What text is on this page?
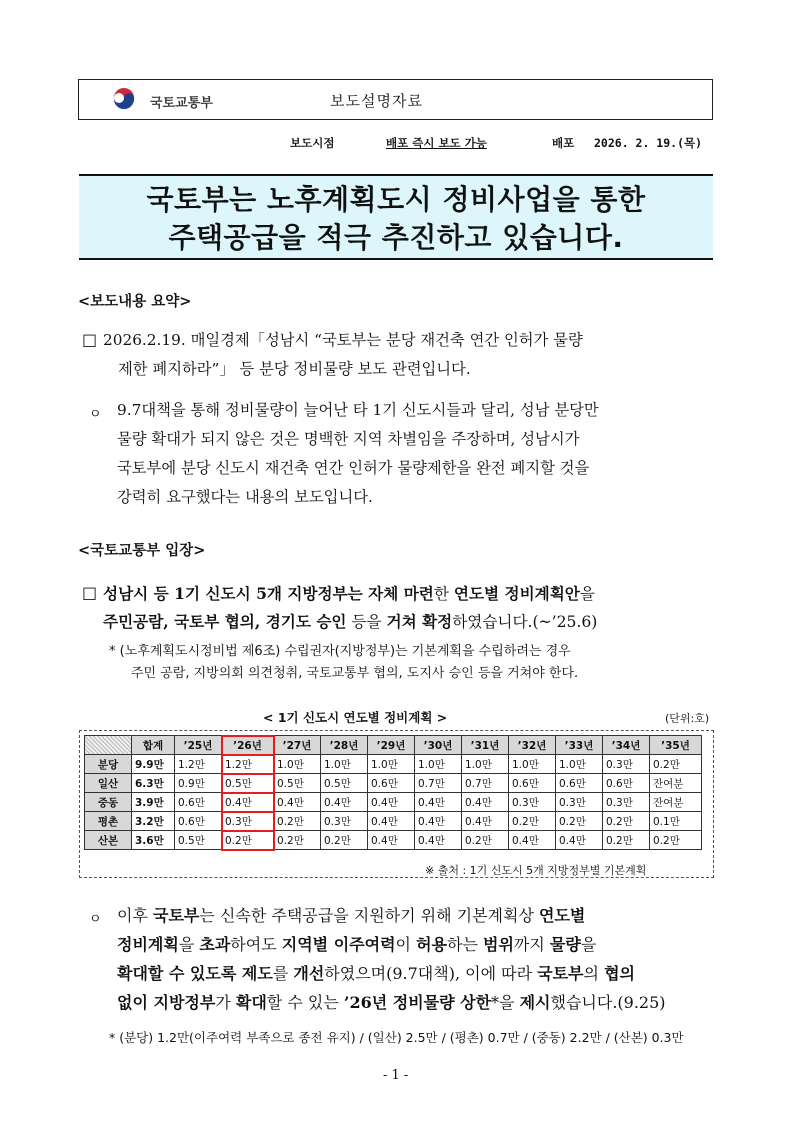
국토교통부	보도설명자료
보도시점	배포 즉시 보도 가능	배포 2026. 2. 19.(목)
국토부는 노후계획도시 정비사업을 통한
주택공급을 적극 추진하고 있습니다.
<보도내용 요약>
□ 2026.2.19. 매일경제「성남시 “국토부는 분당 재건축 연간 인허가 물량
제한 폐지하라”」 등 분당 정비물량 보도 관련입니다.
ㅇ 9.7대책을 통해 정비물량이 늘어난 타 1기 신도시들과 달리, 성남 분당만
물량 확대가 되지 않은 것은 명백한 지역 차별임을 주장하며, 성남시가
국토부에 분당 신도시 재건축 연간 인허가 물량제한을 완전 폐지할 것을
강력히 요구했다는 내용의 보도입니다.
<국토교통부 입장>
□ 성남시 등 1기 신도시 5개 지방정부는 자체 마련한 연도별 정비계획안을
주민공람, 국토부 협의, 경기도 승인 등을 거쳐 확정하였습니다.(~’25.6)
* (노후계획도시정비법 제6조) 수립권자(지방정부)는 기본계획을 수립하려는 경우
주민 공람, 지방의회 의견청취, 국토교통부 협의, 도지사 승인 등을 거쳐야 한다.
< 1기 신도시 연도별 정비계획 >	(단위:호)
	합계	’25년	’26년	’27년	’28년	’29년	’30년	’31년	’32년	’33년	’34년	’35년
분당	9.9만	1.2만	1.2만	1.0만	1.0만	1.0만	1.0만	1.0만	1.0만	1.0만	0.3만	0.2만
일산	6.3만	0.9만	0.5만	0.5만	0.5만	0.6만	0.7만	0.7만	0.6만	0.6만	0.6만	잔여분
중동	3.9만	0.6만	0.4만	0.4만	0.4만	0.4만	0.4만	0.4만	0.3만	0.3만	0.3만	잔여분
평촌	3.2만	0.6만	0.3만	0.2만	0.3만	0.4만	0.4만	0.4만	0.2만	0.2만	0.2만	0.1만
산본	3.6만	0.5만	0.2만	0.2만	0.2만	0.4만	0.4만	0.2만	0.4만	0.4만	0.2만	0.2만
※ 출처 : 1기 신도시 5개 지방정부별 기본계획
ㅇ 이후 국토부는 신속한 주택공급을 지원하기 위해 기본계획상 연도별
정비계획을 초과하여도 지역별 이주여력이 허용하는 범위까지 물량을
확대할 수 있도록 제도를 개선하였으며(9.7대책), 이에 따라 국토부의 협의
없이 지방정부가 확대할 수 있는 ’26년 정비물량 상한*을 제시했습니다.(9.25)
* (분당) 1.2만(이주여력 부족으로 종전 유지) / (일산) 2.5만 / (평촌) 0.7만 / (중동) 2.2만 / (산본) 0.3만
- 1 -
